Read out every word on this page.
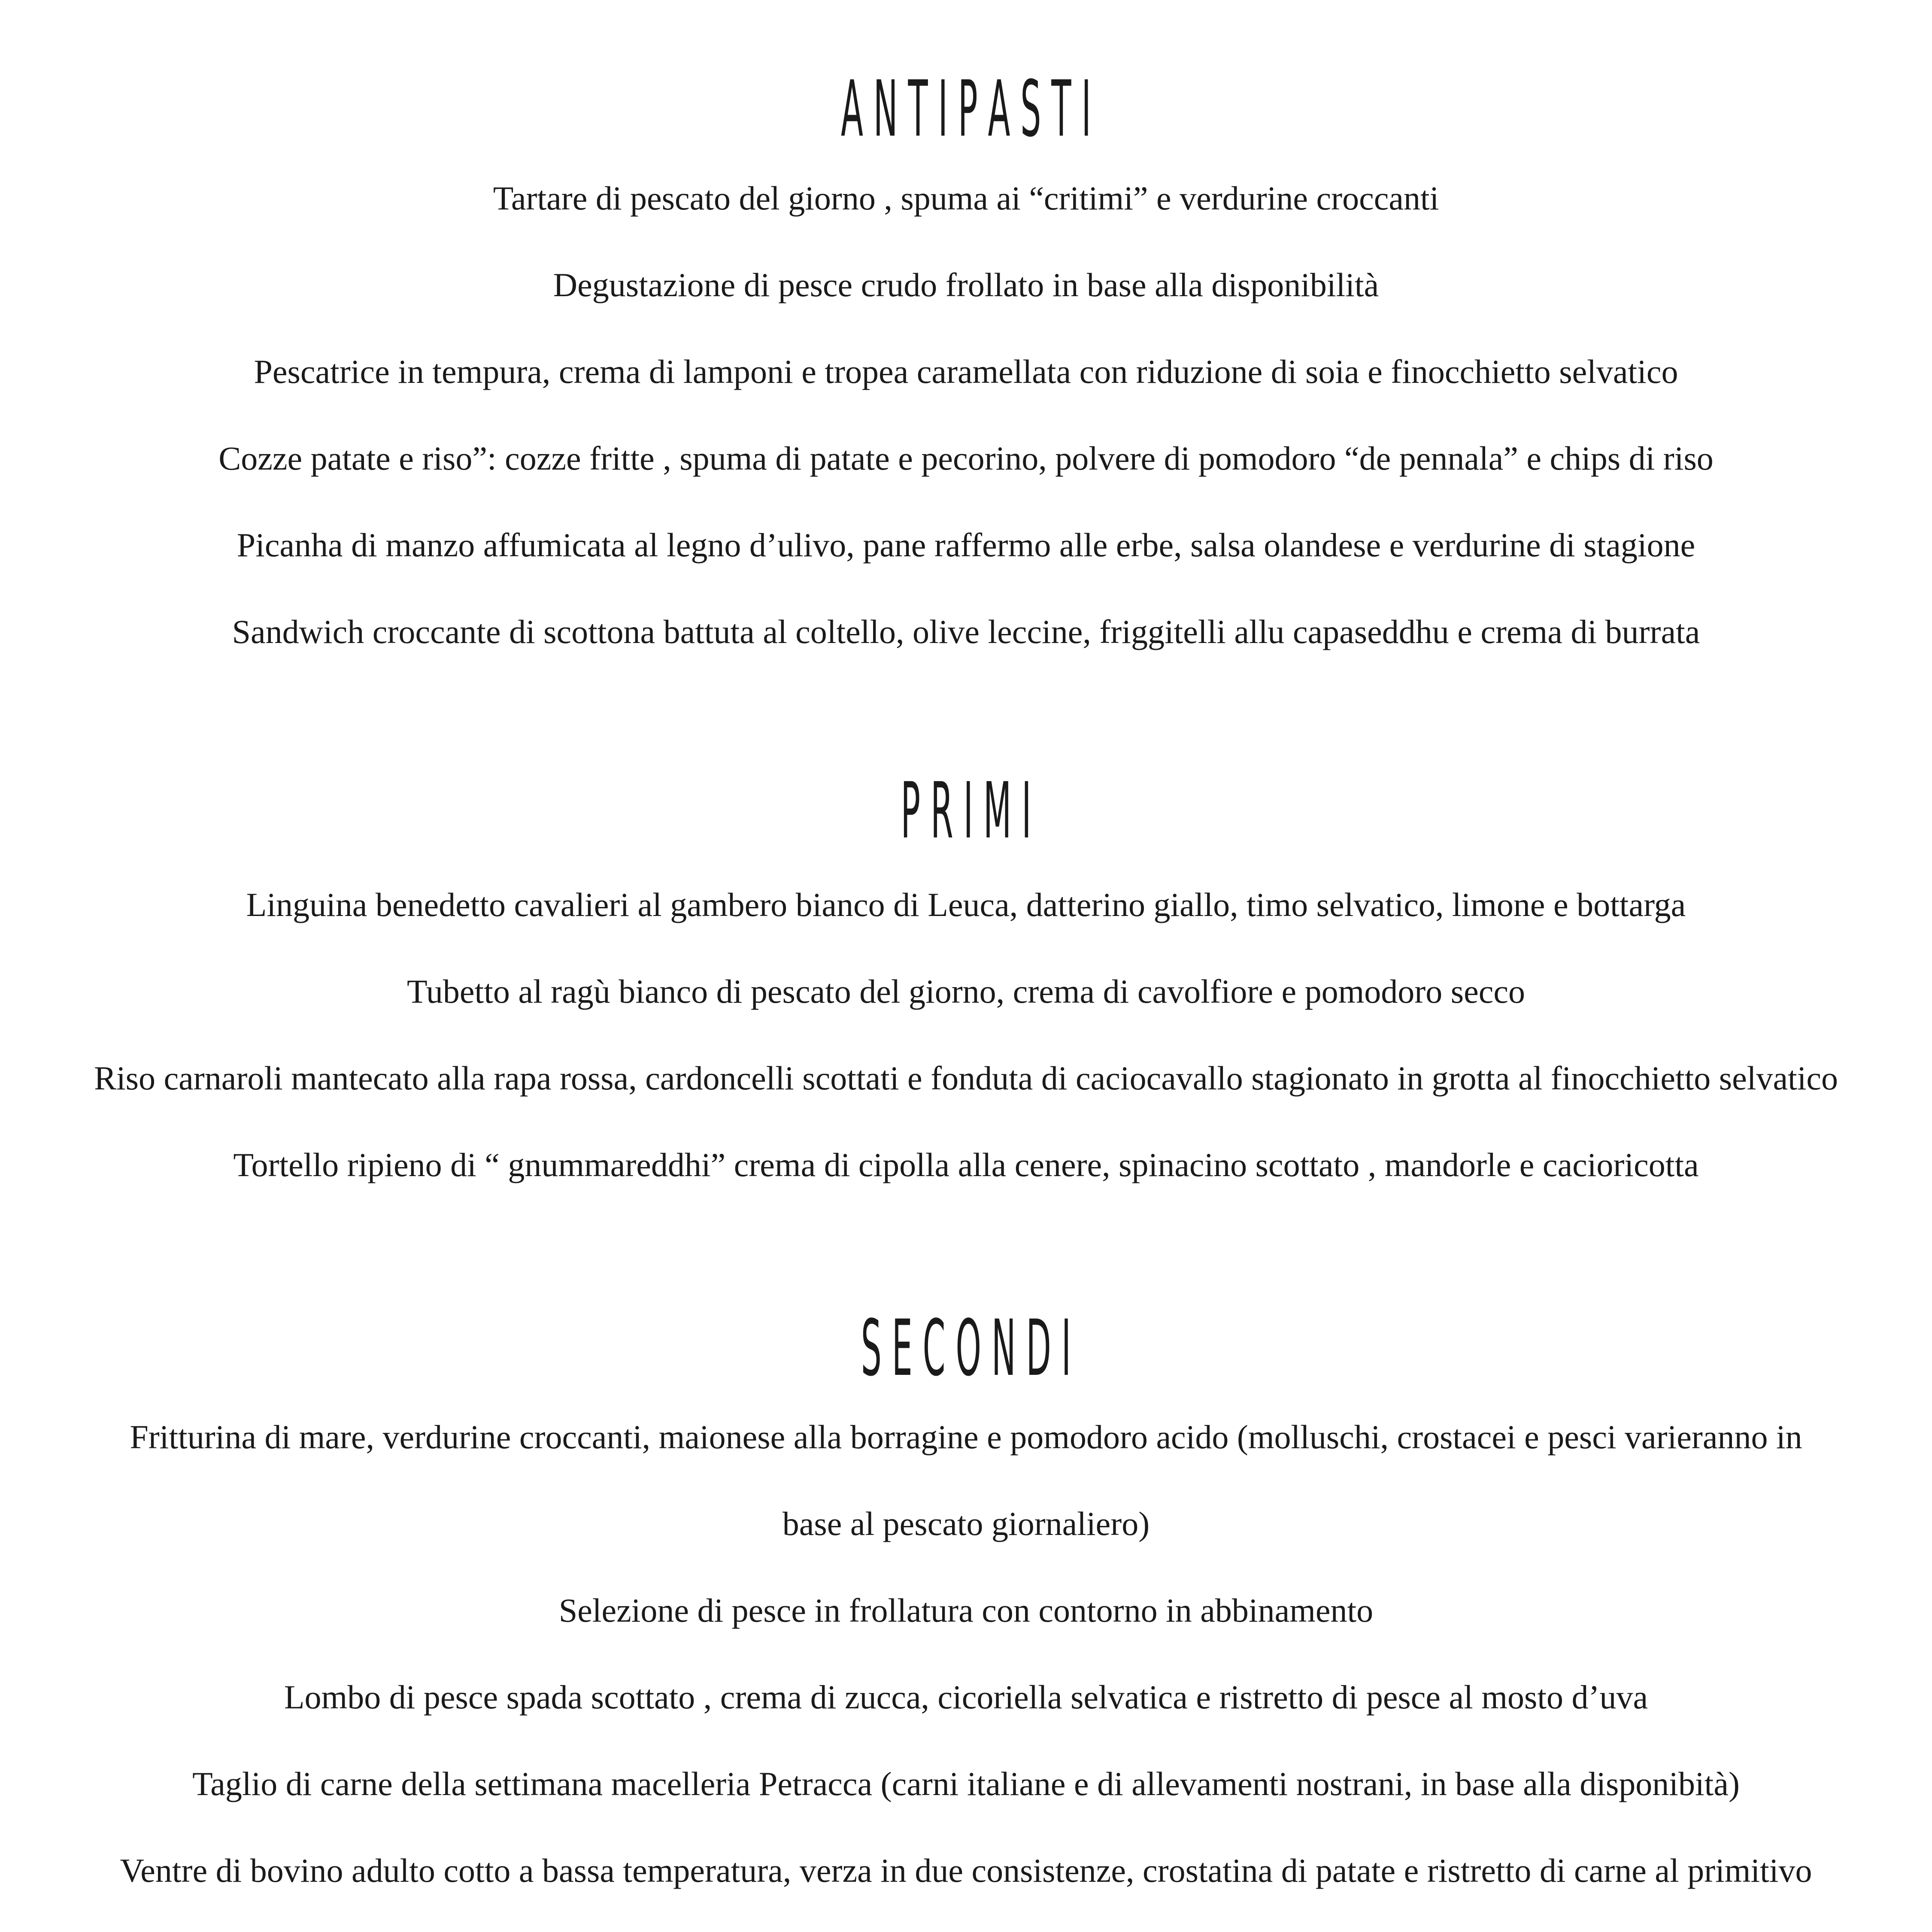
A N T I P A S T I
Tartare di pescato del giorno , spuma ai “critimi” e verdurine croccanti
Degustazione di pesce crudo frollato in base alla disponibilità
Pescatrice in tempura, crema di lamponi e tropea caramellata con riduzione di soia e finocchietto selvatico
Cozze patate e riso”: cozze fritte , spuma di patate e pecorino, polvere di pomodoro “de pennala” e chips di riso
Picanha di manzo affumicata al legno d’ulivo, pane raffermo alle erbe, salsa olandese e verdurine di stagione
Sandwich croccante di scottona battuta al coltello, olive leccine, friggitelli allu capaseddhu e crema di burrata
P R I M I
Linguina benedetto cavalieri al gambero bianco di Leuca, datterino giallo, timo selvatico, limone e bottarga
Tubetto al ragù bianco di pescato del giorno, crema di cavolfiore e pomodoro secco
Riso carnaroli mantecato alla rapa rossa, cardoncelli scottati e fonduta di caciocavallo stagionato in grotta al finocchietto selvatico
Tortello ripieno di “ gnummareddhi” crema di cipolla alla cenere, spinacino scottato , mandorle e cacioricotta
S E C O N D I
Fritturina di mare, verdurine croccanti, maionese alla borragine e pomodoro acido (molluschi, crostacei e pesci varieranno in
base al pescato giornaliero)
Selezione di pesce in frollatura con contorno in abbinamento
Lombo di pesce spada scottato , crema di zucca, cicoriella selvatica e ristretto di pesce al mosto d’uva
Taglio di carne della settimana macelleria Petracca (carni italiane e di allevamenti nostrani, in base alla disponibità)
Ventre di bovino adulto cotto a bassa temperatura, verza in due consistenze, crostatina di patate e ristretto di carne al primitivo
